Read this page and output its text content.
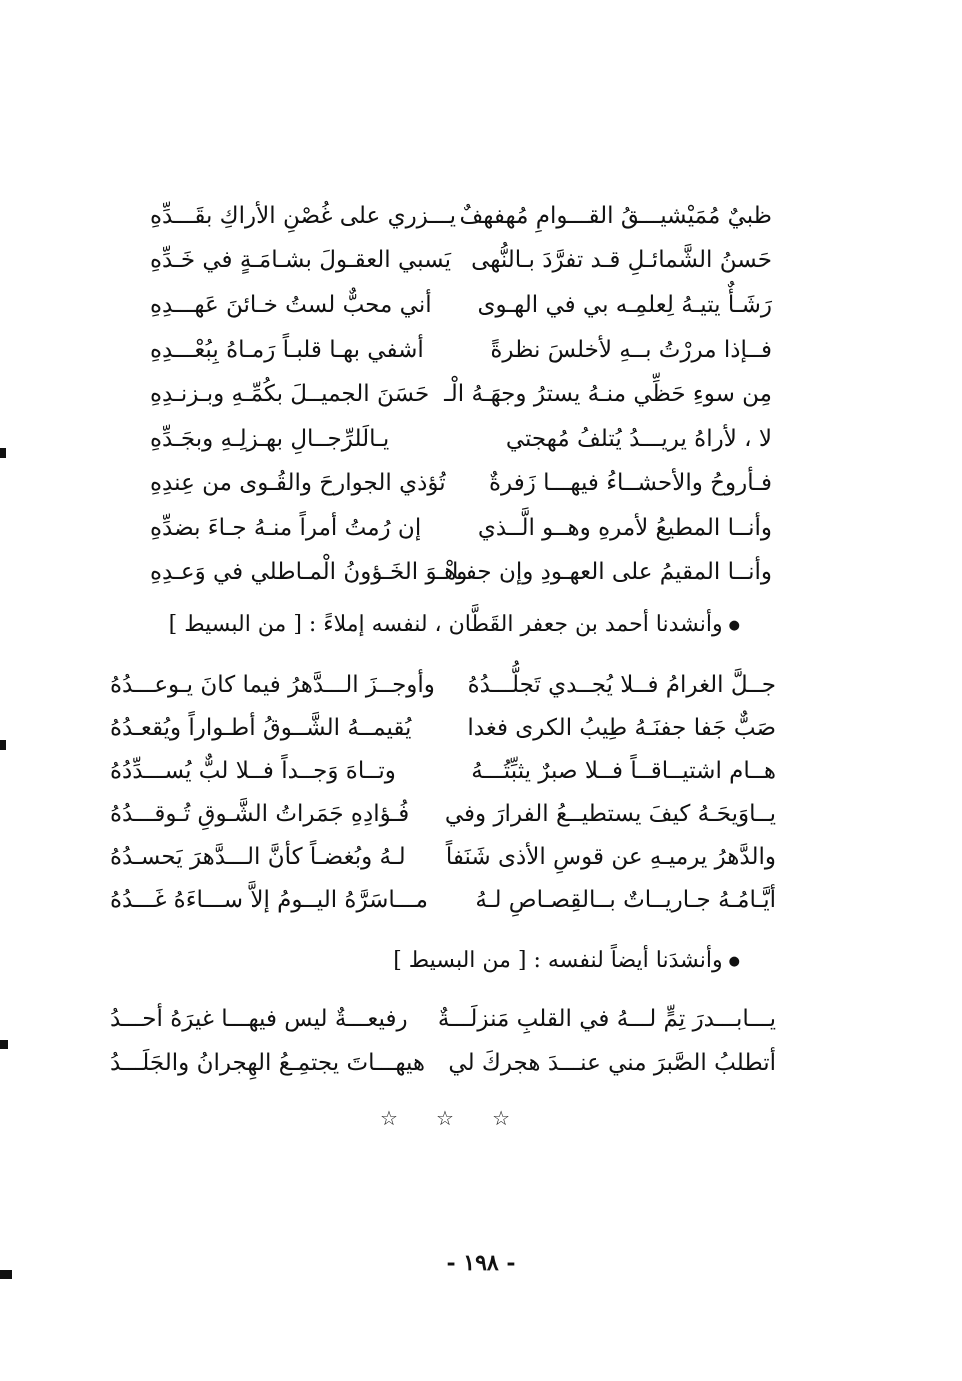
ظبيٌ مُمَيْشيـــقُ القـــوامِ مُهفهفٌ
يـــزري على غُصْنِ الأراكِ بقَـــدِّهِ
حَسنُ الشَّمائـلِ قـد تفرَّدَ بـالنُّهى
يَسبي العقـولَ بشـامَـةٍ في خَـدِّهِ
رَشَـأٌ يتيـهُ لِعلمِـه بي في الهـوى
أني محبٌّ لستُ خـائنَ عَهـــدِهِ
فــإذا مررْتُ بــهِ لأخلسَ نظرةً
أشفي بهـا قلبـاً رَمـاهُ بِبُعْـــدِهِ
مِن سوءِ حَظِّي منـهُ يسترُ وجهَـهُ الْـ
حَسَنَ الجميــلَ بكُمِّـهِ وبـزنـدِهِ
لا ، لأراهُ يريـــدُ يُتلفُ مُهجتي
يـالَلرِّجــالِ بهـزلِـهِ وبجَـدِّهِ
فـأروحُ والأحشــاءُ فيهـــا زَفرةٌ
تُؤذي الجوارحَ والقُـوى من عِندِهِ
وأنــا المطيعُ لأمرهِ وهــو الَّــذي
إن رُمتُ أمراً منـهُ جـاءَ بضدِّهِ
وأنــا المقيمُ على العهـودِ وإن جفـا
وهْـوَ الخَـؤونُ الْمـاطلي في وَعـدِهِ
● وأنشدنا أحمد بن جعفر القَطَّان ، لنفسه إملاءً : [ من البسيط ]
جــلَّ الغرامُ فــلا يُجــدي تَجلُّـــدُهُ
وأوجــزَ الـــدَّهرُ فيما كانَ يـوعـــدُهُ
صَبٌّ جَفا جفنَـهُ طِيبُ الكرى فغدا
يُقيمــهُ الشَّــوقُ أطـواراً ويُقعـدُهُ
هــام اشتيــاقــاً فــلا صبرٌ يثبِّتُـــهُ
وتــاهَ وَجــداً فــلا لبٌّ يُســـدِّدُهُ
يــاوَيحَـهُ كيفَ يستطيــعُ الفرارَ وفي
فُـؤادِهِ جَمَراتُ الشَّـوقِ تُـوقـــدُهُ
والدَّهرُ يرميـهِ عن قوسِ الأذى شَنَفاً
لـهُ وبُغضـاً كأنَّ الـــدَّهرَ يَحسـدُهُ
أيَّـامُـهُ جـاريــاتٌ بــالقِصـاصِ لـهُ
مـــاسَرَّهُ اليــومُ إلاَّ ســـاءَهُ غَـــدُهُ
● وأنشدَنا أيضاً لنفسه : [ من البسيط ]
يـــابـــدرَ تِمٍّ لـــهُ في القلبِ مَنزلَـــةٌ
رفيعـــةٌ ليس فيهـــا غيرَهُ أحـــدُ
أتطلبُ الصَّبرَ مني عنـــدَ هجركَ لي
هيهـــاتَ يجتمِـعُ الهِجرانُ والجَلَـــدُ
☆ ☆ ☆
- ١٩٨ -
